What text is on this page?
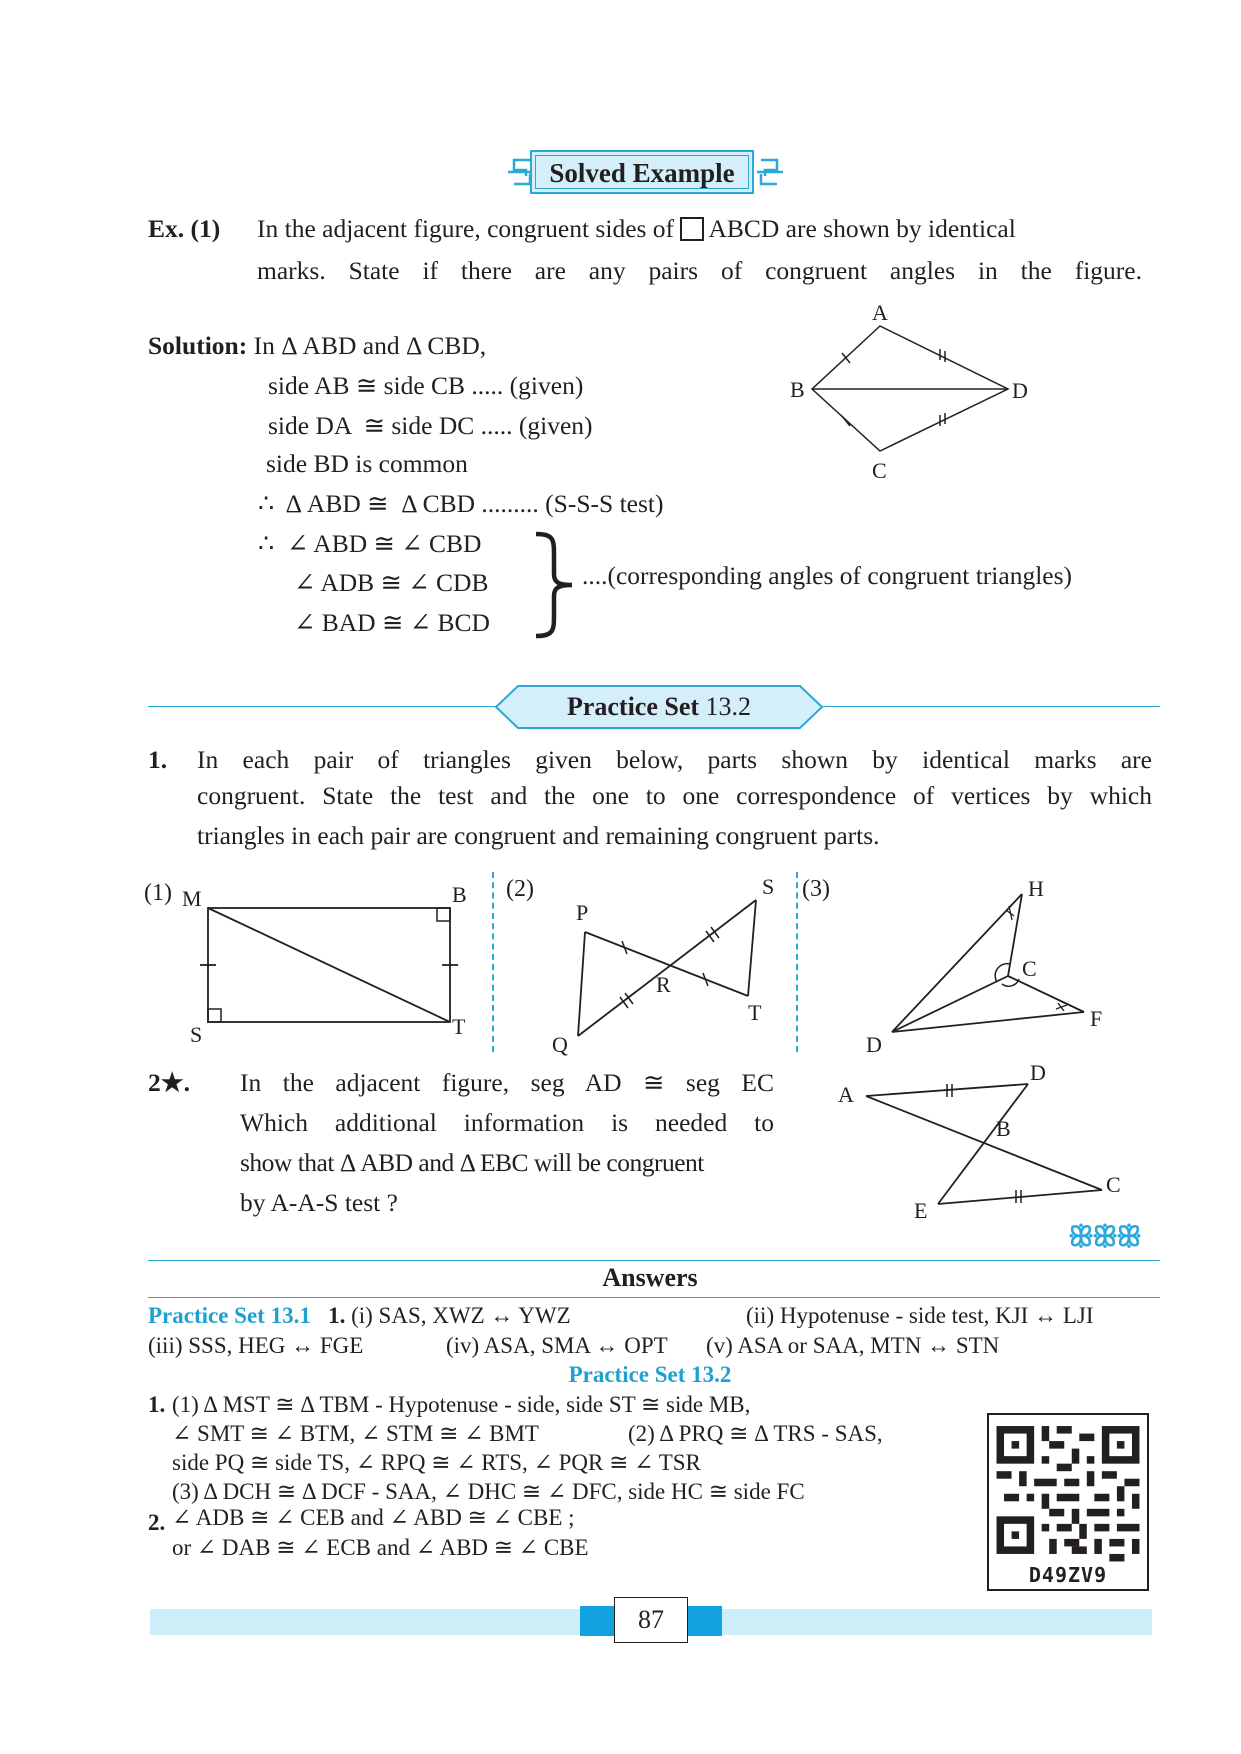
Solved Example
Ex. (1) In the adjacent figure, congruent sides of ABCD are shown by identical
marks. State if there are any pairs of congruent angles in the figure.
Solution: In Δ ABD and Δ CBD,
side AB ≅ side CB ..... (given)
side DA  ≅ side DC ..... (given)
side BD is common
∴  Δ ABD ≅  Δ CBD ......... (S-S-S test)
∴  ∠ ABD ≅ ∠ CBD
∠ ADB ≅ ∠ CDB
∠ BAD ≅ ∠ BCD
....(corresponding angles of congruent triangles)
A
B
C
D
Practice Set 13.2
1. In each pair of triangles given below, parts shown by identical marks are
congruent. State the test and the one to one correspondence of vertices by which
triangles in each pair are congruent and remaining congruent parts.
(1) M	B
S	T
(2)
P
S
R
T
Q
(3)	H
C
F
D
2★. In the adjacent figure, seg AD ≅ seg EC
Which additional information is needed to
show that Δ ABD and Δ EBC will be congruent
by A-A-S test ?
A
D
B
E
C
ꕥꕥꕥ
Answers
Practice Set 13.1 1. (i) SAS, XWZ ↔ YWZ	(ii) Hypotenuse - side test, KJI ↔ LJI
(iii) SSS, HEG ↔ FGE	(iv) ASA, SMA ↔ OPT (v) ASA or SAA, MTN ↔ STN
Practice Set 13.2
1. (1) Δ MST ≅ Δ TBM - Hypotenuse - side, side ST ≅ side MB,
∠ SMT ≅ ∠ BTM, ∠ STM ≅ ∠ BMT	(2) Δ PRQ ≅ Δ TRS - SAS,
side PQ ≅ side TS, ∠ RPQ ≅ ∠ RTS, ∠ PQR ≅ ∠ TSR
(3) Δ DCH ≅ Δ DCF - SAA, ∠ DHC ≅ ∠ DFC, side HC ≅ side FC
2. ∠ ADB ≅ ∠ CEB and ∠ ABD ≅ ∠ CBE ;
or ∠ DAB ≅ ∠ ECB and ∠ ABD ≅ ∠ CBE
D49ZV9
87
